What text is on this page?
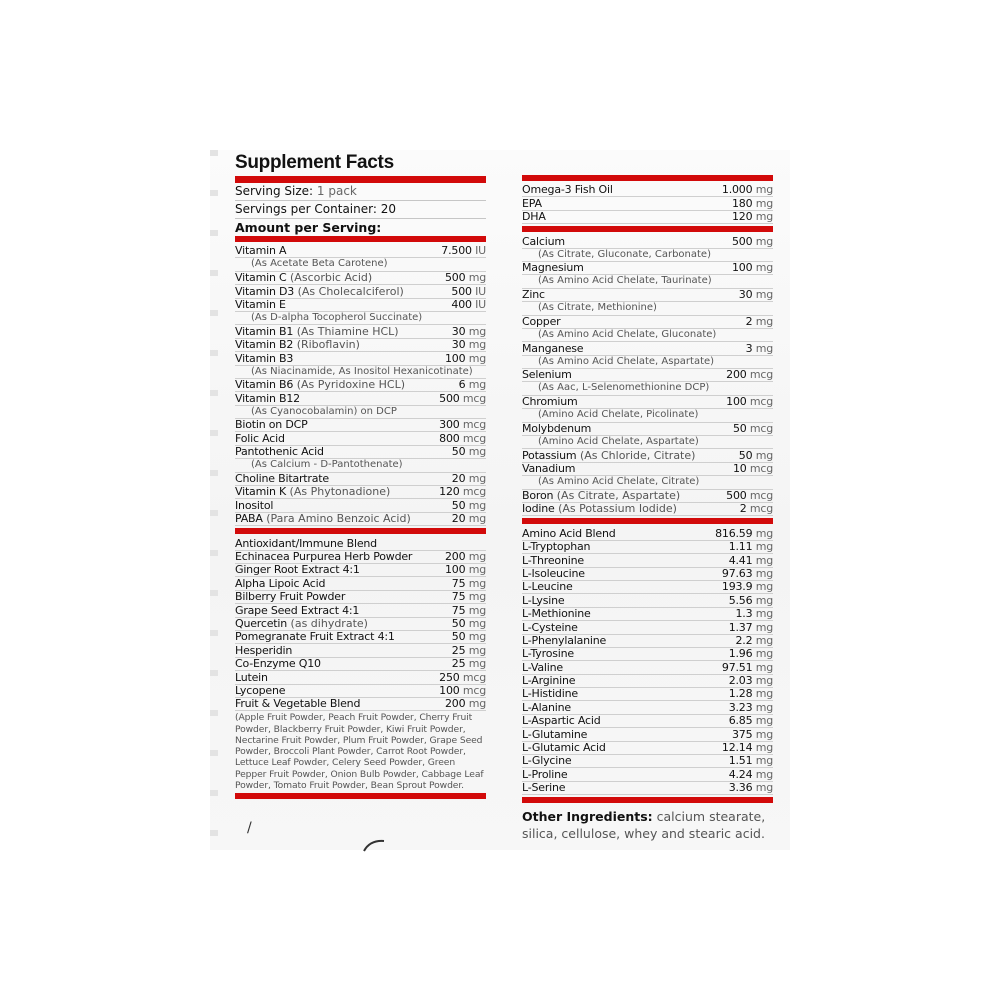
Supplement Facts
Serving Size: 1 pack
Servings per Container: 20
Amount per Serving:
Vitamin A	7.500 IU
(As Acetate Beta Carotene)
Vitamin C (Ascorbic Acid)	500 mg
Vitamin D3 (As Cholecalciferol)	500 IU
Vitamin E	400 IU
(As D-alpha Tocopherol Succinate)
Vitamin B1 (As Thiamine HCL)	30 mg
Vitamin B2 (Riboflavin)	30 mg
Vitamin B3	100 mg
(As Niacinamide, As Inositol Hexanicotinate)
Vitamin B6 (As Pyridoxine HCL)	6 mg
Vitamin B12	500 mcg
(As Cyanocobalamin) on DCP
Biotin on DCP	300 mcg
Folic Acid	800 mcg
Pantothenic Acid	50 mg
(As Calcium - D-Pantothenate)
Choline Bitartrate	20 mg
Vitamin K (As Phytonadione)	120 mcg
Inositol	50 mg
PABA (Para Amino Benzoic Acid)	20 mg
Antioxidant/Immune Blend
Echinacea Purpurea Herb Powder	200 mg
Ginger Root Extract 4:1	100 mg
Alpha Lipoic Acid	75 mg
Bilberry Fruit Powder	75 mg
Grape Seed Extract 4:1	75 mg
Quercetin (as dihydrate)	50 mg
Pomegranate Fruit Extract 4:1	50 mg
Hesperidin	25 mg
Co-Enzyme Q10	25 mg
Lutein	250 mcg
Lycopene	100 mcg
Fruit & Vegetable Blend	200 mg
(Apple Fruit Powder, Peach Fruit Powder, Cherry Fruit Powder, Blackberry Fruit Powder, Kiwi Fruit Powder, Nectarine Fruit Powder, Plum Fruit Powder, Grape Seed Powder, Broccoli Plant Powder, Carrot Root Powder, Lettuce Leaf Powder, Celery Seed Powder, Green Pepper Fruit Powder, Onion Bulb Powder, Cabbage Leaf Powder, Tomato Fruit Powder, Bean Sprout Powder.
Omega-3 Fish Oil	1.000 mg
EPA	180 mg
DHA	120 mg
Calcium	500 mg
(As Citrate, Gluconate, Carbonate)
Magnesium	100 mg
(As Amino Acid Chelate, Taurinate)
Zinc	30 mg
(As Citrate, Methionine)
Copper	2 mg
(As Amino Acid Chelate, Gluconate)
Manganese	3 mg
(As Amino Acid Chelate, Aspartate)
Selenium	200 mcg
(As Aac, L-Selenomethionine DCP)
Chromium	100 mcg
(Amino Acid Chelate, Picolinate)
Molybdenum	50 mcg
(Amino Acid Chelate, Aspartate)
Potassium (As Chloride, Citrate)	50 mg
Vanadium	10 mcg
(As Amino Acid Chelate, Citrate)
Boron (As Citrate, Aspartate)	500 mcg
Iodine (As Potassium Iodide)	2 mcg
Amino Acid Blend	816.59 mg
L-Tryptophan	1.11 mg
L-Threonine	4.41 mg
L-Isoleucine	97.63 mg
L-Leucine	193.9 mg
L-Lysine	5.56 mg
L-Methionine	1.3 mg
L-Cysteine	1.37 mg
L-Phenylalanine	2.2 mg
L-Tyrosine	1.96 mg
L-Valine	97.51 mg
L-Arginine	2.03 mg
L-Histidine	1.28 mg
L-Alanine	3.23 mg
L-Aspartic Acid	6.85 mg
L-Glutamine	375 mg
L-Glutamic Acid	12.14 mg
L-Glycine	1.51 mg
L-Proline	4.24 mg
L-Serine	3.36 mg
Other Ingredients: calcium stearate, silica, cellulose, whey and stearic acid.
/
